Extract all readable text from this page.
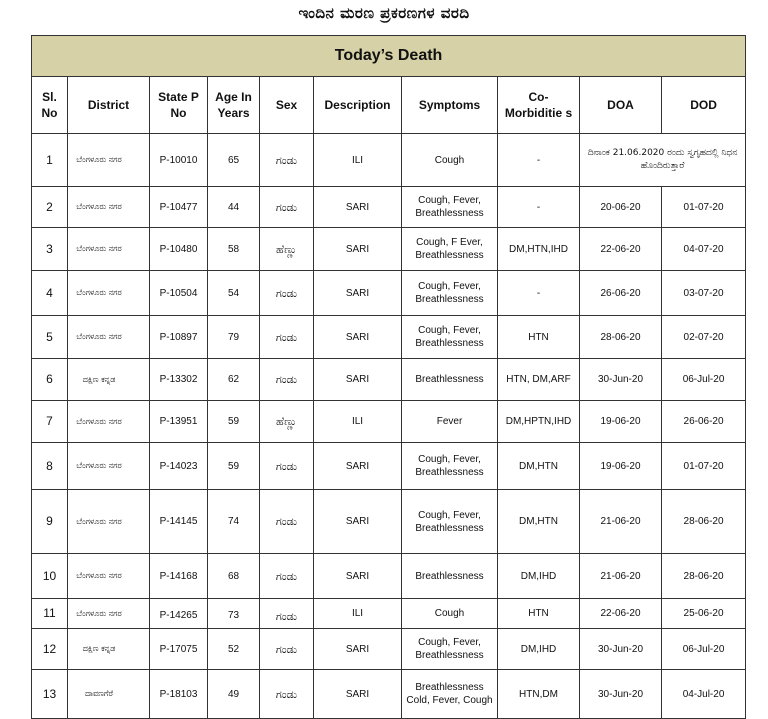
ಇಂದಿನ ಮರಣ ಪ್ರಕರಣಗಳ ವರದಿ
Today’s Death									
Sl. No	District	State P No	Age In Years	Sex	Description	Symptoms	Co-Morbiditie s	DOA	DOD
1	ಬೆಂಗಳೂರು ನಗರ	P-10010	65	ಗಂಡು	ILI	Cough	-	ದಿನಾಂಕ 21.06.2020 ರಂದು ಸ್ವಗೃಹದಲ್ಲಿ ನಿಧನ ಹೊಂದಿರುತ್ತಾರೆ	
2	ಬೆಂಗಳೂರು ನಗರ	P-10477	44	ಗಂಡು	SARI	Cough, Fever, Breathlessness	-	20-06-20	01-07-20
3	ಬೆಂಗಳೂರು ನಗರ	P-10480	58	ಹೆಣ್ಣು	SARI	Cough, F Ever, Breathlessness	DM,HTN,IHD	22-06-20	04-07-20
4	ಬೆಂಗಳೂರು ನಗರ	P-10504	54	ಗಂಡು	SARI	Cough, Fever, Breathlessness	-	26-06-20	03-07-20
5	ಬೆಂಗಳೂರು ನಗರ	P-10897	79	ಗಂಡು	SARI	Cough, Fever, Breathlessness	HTN	28-06-20	02-07-20
6	ದಕ್ಷಿಣ ಕನ್ನಡ	P-13302	62	ಗಂಡು	SARI	Breathlessness	HTN, DM,ARF	30-Jun-20	06-Jul-20
7	ಬೆಂಗಳೂರು ನಗರ	P-13951	59	ಹೆಣ್ಣು	ILI	Fever	DM,HPTN,IHD	19-06-20	26-06-20
8	ಬೆಂಗಳೂರು ನಗರ	P-14023	59	ಗಂಡು	SARI	Cough, Fever, Breathlessness	DM,HTN	19-06-20	01-07-20
9	ಬೆಂಗಳೂರು ನಗರ	P-14145	74	ಗಂಡು	SARI	Cough, Fever, Breathlessness	DM,HTN	21-06-20	28-06-20
10	ಬೆಂಗಳೂರು ನಗರ	P-14168	68	ಗಂಡು	SARI	Breathlessness	DM,IHD	21-06-20	28-06-20
11	ಬೆಂಗಳೂರು ನಗರ	P-14265	73	ಗಂಡು	ILI	Cough	HTN	22-06-20	25-06-20
12	ದಕ್ಷಿಣ ಕನ್ನಡ	P-17075	52	ಗಂಡು	SARI	Cough, Fever, Breathlessness	DM,IHD	30-Jun-20	06-Jul-20
13	ದಾವಣಗೆರೆ	P-18103	49	ಗಂಡು	SARI	Breathlessness Cold, Fever, Cough	HTN,DM	30-Jun-20	04-Jul-20
